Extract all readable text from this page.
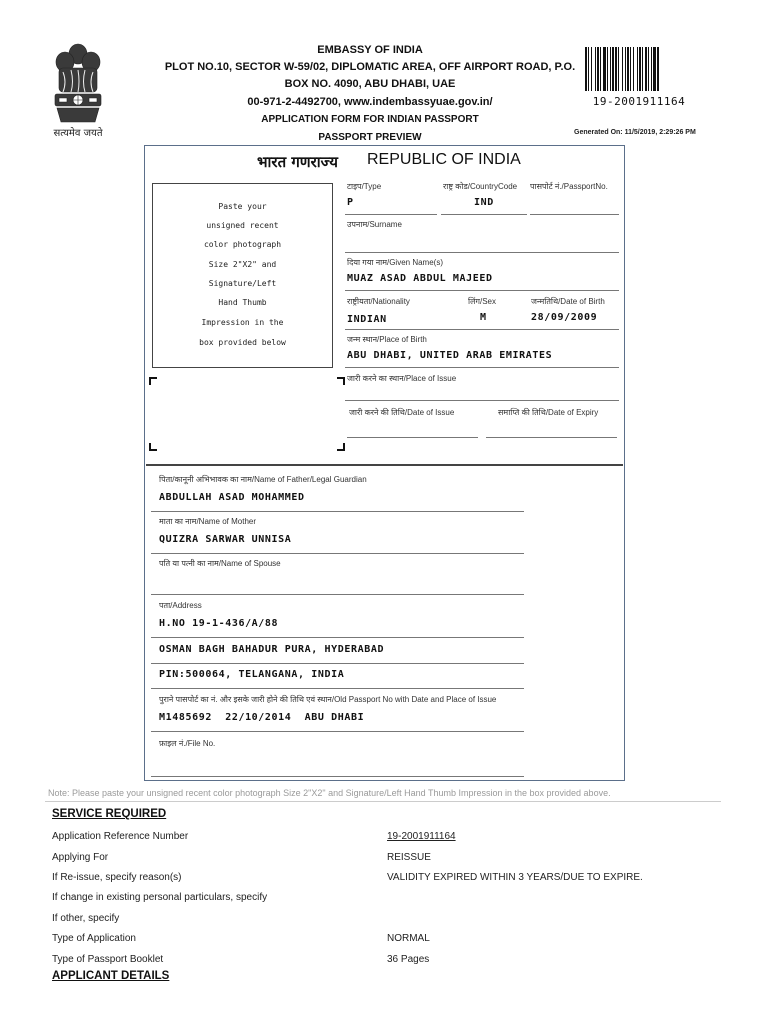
सत्यमेव जयते
EMBASSY OF INDIA
PLOT NO.10, SECTOR W-59/02, DIPLOMATIC AREA, OFF AIRPORT ROAD, P.O.
BOX NO. 4090, ABU DHABI, UAE
00-971-2-4492700, www.indembassyuae.gov.in/
APPLICATION FORM FOR INDIAN PASSPORT
PASSPORT PREVIEW
19-2001911164
Generated On: 11/5/2019, 2:29:26 PM
भारत गणराज्य REPUBLIC OF INDIA
Paste your
unsigned recent
color photograph
Size 2"X2" and
Signature/Left
Hand Thumb
Impression in the
box provided below
टाइप/Type	राष्ट्र कोड/CountryCode पासपोर्ट नं./PassportNo.
P	IND
उपनाम/Surname
दिया गया नाम/Given Name(s)
MUAZ ASAD ABDUL MAJEED
राष्ट्रीयता/Nationality	लिंग/Sex	जन्मतिथि/Date of Birth
INDIAN	M	28/09/2009
जन्म स्थान/Place of Birth
ABU DHABI, UNITED ARAB EMIRATES
जारी करने का स्थान/Place of Issue
जारी करने की तिथि/Date of Issue	समाप्ति की तिथि/Date of Expiry
पिता/कानूनी अभिभावक का नाम/Name of Father/Legal Guardian
ABDULLAH ASAD MOHAMMED
माता का नाम/Name of Mother
QUIZRA SARWAR UNNISA
पति या पत्नी का नाम/Name of Spouse
पता/Address
H.NO 19-1-436/A/88
OSMAN BAGH BAHADUR PURA, HYDERABAD
PIN:500064, TELANGANA, INDIA
पुराने पासपोर्ट का नं. और इसके जारी होने की तिथि एवं स्थान/Old Passport No with Date and Place of Issue
M1485692  22/10/2014  ABU DHABI
फ़ाइल नं./File No.
Note: Please paste your unsigned recent color photograph Size 2"X2" and Signature/Left Hand Thumb Impression in the box provided above.
SERVICE REQUIRED
Application Reference Number	19-2001911164
Applying For	REISSUE
If Re-issue, specify reason(s)	VALIDITY EXPIRED WITHIN 3 YEARS/DUE TO EXPIRE.
If change in existing personal particulars, specify
If other, specify
Type of Application	NORMAL
Type of Passport Booklet	36 Pages
APPLICANT DETAILS
